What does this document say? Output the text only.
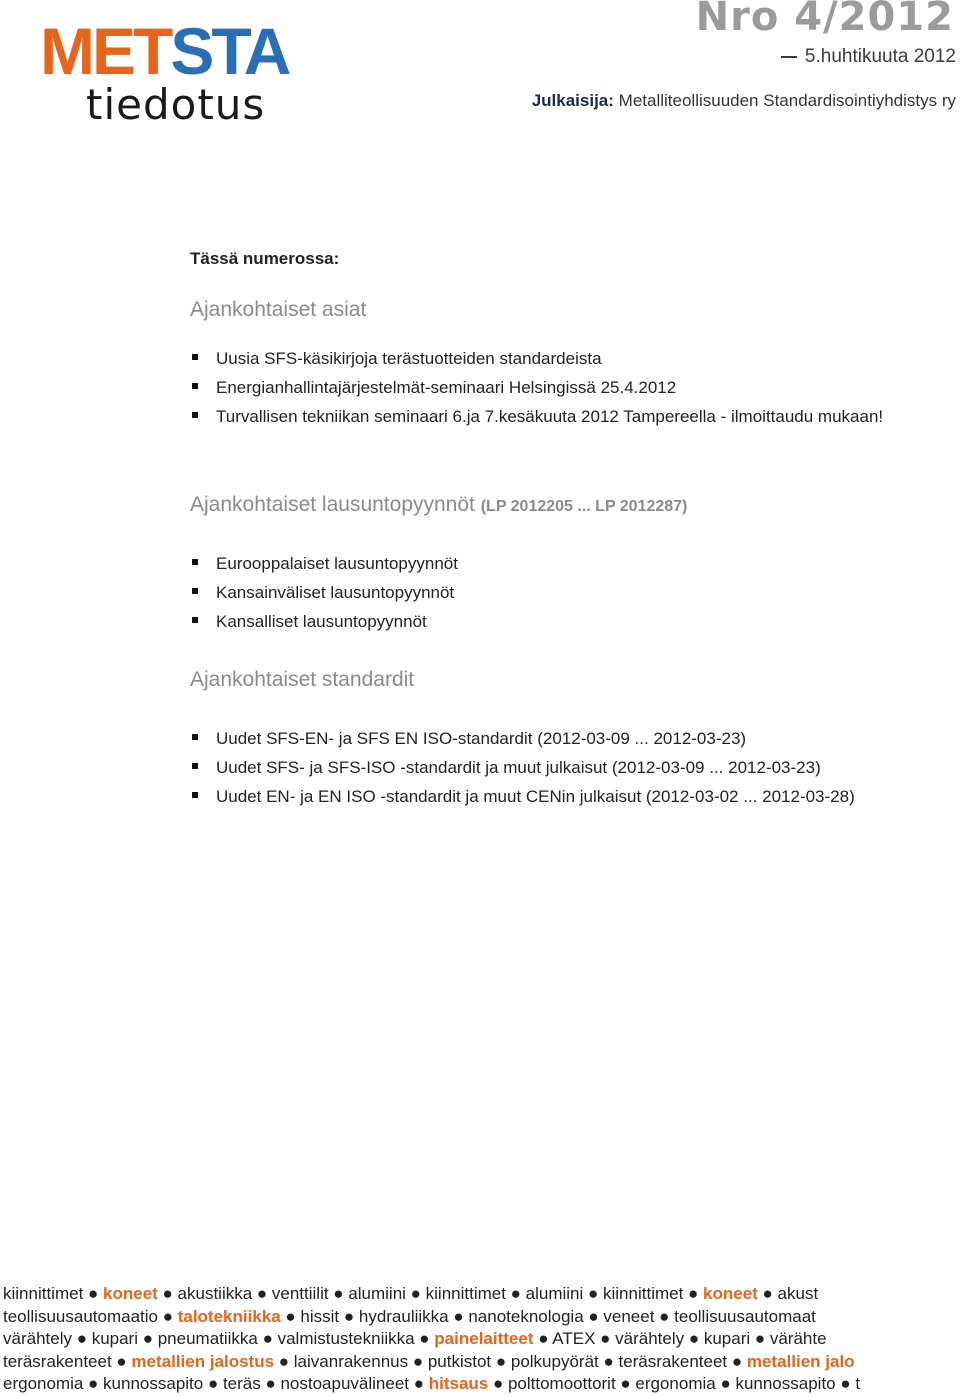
METSTA
tiedotus
Nro 4/2012
5.huhtikuuta 2012
Julkaisija: Metalliteollisuuden Standardisointiyhdistys ry
Tässä numerossa:
Ajankohtaiset asiat
Uusia SFS-käsikirjoja terästuotteiden standardeista
Energianhallintajärjestelmät-seminaari Helsingissä 25.4.2012
Turvallisen tekniikan seminaari 6.ja 7.kesäkuuta 2012 Tampereella - ilmoittaudu mukaan!
Ajankohtaiset lausuntopyynnöt (LP 2012205 ... LP 2012287)
Eurooppalaiset lausuntopyynnöt
Kansainväliset lausuntopyynnöt
Kansalliset lausuntopyynnöt
Ajankohtaiset standardit
Uudet SFS-EN- ja SFS EN ISO-standardit (2012-03-09 ... 2012-03-23)
Uudet SFS- ja SFS-ISO -standardit ja muut julkaisut (2012-03-09 ... 2012-03-23)
Uudet EN- ja EN ISO -standardit ja muut CENin julkaisut (2012-03-02 ... 2012-03-28)
kiinnittimet ● koneet ● akustiikka ● venttiilit ● alumiini ● kiinnittimet ● alumiini ● kiinnittimet ● koneet ● akust
teollisuusautomaatio ● talotekniikka ● hissit ● hydrauliikka ● nanoteknologia ● veneet ● teollisuusautomaat
värähtely ● kupari ● pneumatiikka ● valmistustekniikka ● painelaitteet ● ATEX ● värähtely ● kupari ● värähte
teräsrakenteet ● metallien jalostus ● laivanrakennus ● putkistot ● polkupyörät ● teräsrakenteet ● metallien jalo
ergonomia ● kunnossapito ● teräs ● nostoapuvälineet ● hitsaus ● polttomoottorit ● ergonomia ● kunnossapito ● t
